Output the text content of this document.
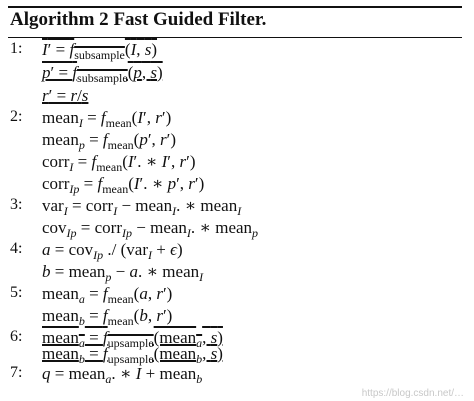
Algorithm 2 Fast Guided Filter.
1:	$I' = f_{subsample}(I$, s)
$p' = f_{subsample}(p$, s)
r′ = r/s
2:	mean$_I$ = $f_{mean}(I'$, r′)
mean$_p$ = $f_{mean}(p'$, r′)
corr$_I$ = $f_{mean}(I'$. ∗ I′, r′)
corr$_{Ip}$ = $f_{mean}(I'$. ∗ p′, r′)
3:	var$_I$ = corr$_I$ − mean$_I$. ∗ mean$_I$
cov$_{Ip}$ = corr$_{Ip}$ − mean$_I$. ∗ mean$_p$
4:	a = cov$_{Ip}$ ./ (var$_I$ + ϵ)
b = mean$_p$ − a. ∗ mean$_I$
5:	mean$_a$ = $f_{mean}(a$, r′)
mean$_b$ = $f_{mean}(b$, r′)
6:	mean$_a$ = $f_{upsample}(mean_a$, s)
mean$_b$ = $f_{upsample}(mean_b$, s)
7:	q = mean$_a$. ∗ I + mean$_b$
https://blog.csdn.net/…
